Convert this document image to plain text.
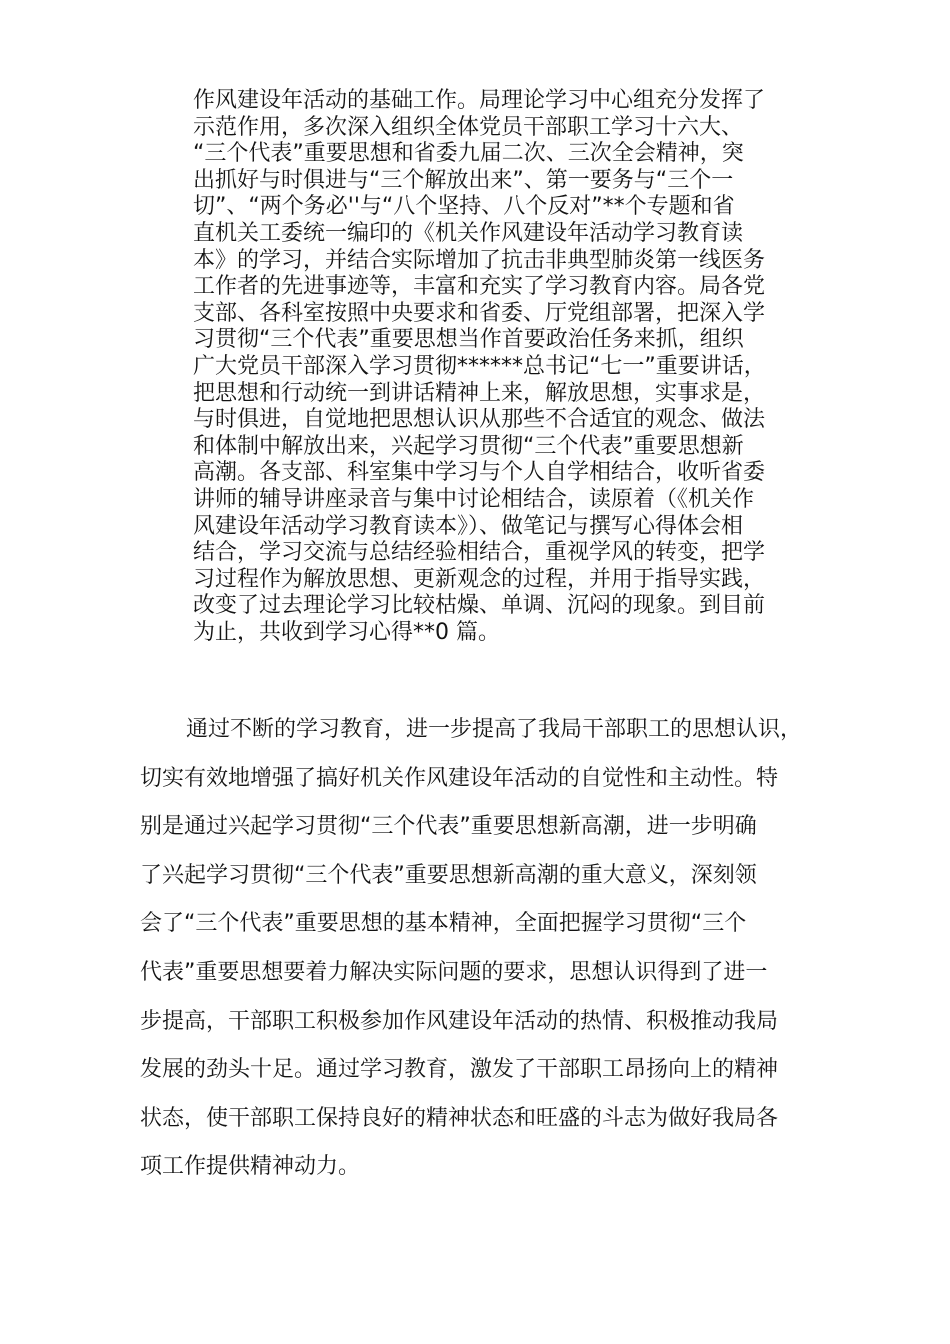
作风建设年活动的基础工作。局理论学习中心组充分发挥了
示范作用，多次深入组织全体党员干部职工学习十六大、
“三个代表”重要思想和省委九届二次、三次全会精神，突
出抓好与时俱进与“三个解放出来”、第一要务与“三个一
切”、“两个务必''与“八个坚持、八个反对”**个专题和省
直机关工委统一编印的《机关作风建设年活动学习教育读
本》的学习，并结合实际增加了抗击非典型肺炎第一线医务
工作者的先进事迹等，丰富和充实了学习教育内容。局各党
支部、各科室按照中央要求和省委、厅党组部署，把深入学
习贯彻“三个代表”重要思想当作首要政治任务来抓，组织
广大党员干部深入学习贯彻******总书记“七一”重要讲话，
把思想和行动统一到讲话精神上来，解放思想，实事求是，
与时俱进，自觉地把思想认识从那些不合适宜的观念、做法
和体制中解放出来，兴起学习贯彻“三个代表”重要思想新
高潮。各支部、科室集中学习与个人自学相结合，收听省委
讲师的辅导讲座录音与集中讨论相结合，读原着（《机关作
风建设年活动学习教育读本》）、做笔记与撰写心得体会相
结合，学习交流与总结经验相结合，重视学风的转变，把学
习过程作为解放思想、更新观念的过程，并用于指导实践，
改变了过去理论学习比较枯燥、单调、沉闷的现象。到目前
为止，共收到学习心得**0 篇。
通过不断的学习教育，进一步提高了我局干部职工的思想认识，
切实有效地增强了搞好机关作风建设年活动的自觉性和主动性。特
别是通过兴起学习贯彻“三个代表”重要思想新高潮，进一步明确
了兴起学习贯彻“三个代表”重要思想新高潮的重大意义，深刻领
会了“三个代表”重要思想的基本精神，全面把握学习贯彻“三个
代表”重要思想要着力解决实际问题的要求，思想认识得到了进一
步提高，干部职工积极参加作风建设年活动的热情、积极推动我局
发展的劲头十足。通过学习教育，激发了干部职工昂扬向上的精神
状态，使干部职工保持良好的精神状态和旺盛的斗志为做好我局各
项工作提供精神动力。
